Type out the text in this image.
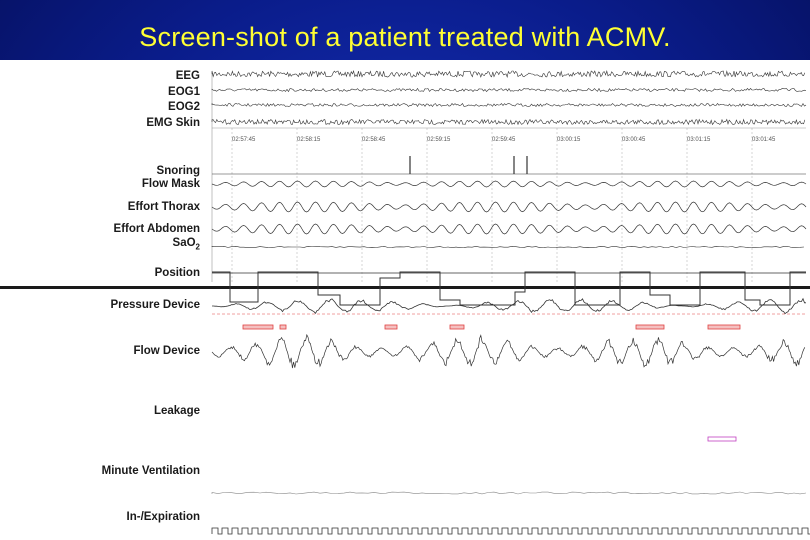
Screen-shot of a patient treated with ACMV.
EEG
EOG1
EOG2
EMG Skin
Snoring
Flow Mask
Effort Thorax
Effort Abdomen
SaO$_2$
Position
02:57:45	02:58:15	02:58:45	02:59:15	02:59:45	03:00:15	03:00:45	03:01:15	03:01:45
Pressure Device
Flow Device
Leakage
Minute Ventilation
In-/Expiration
